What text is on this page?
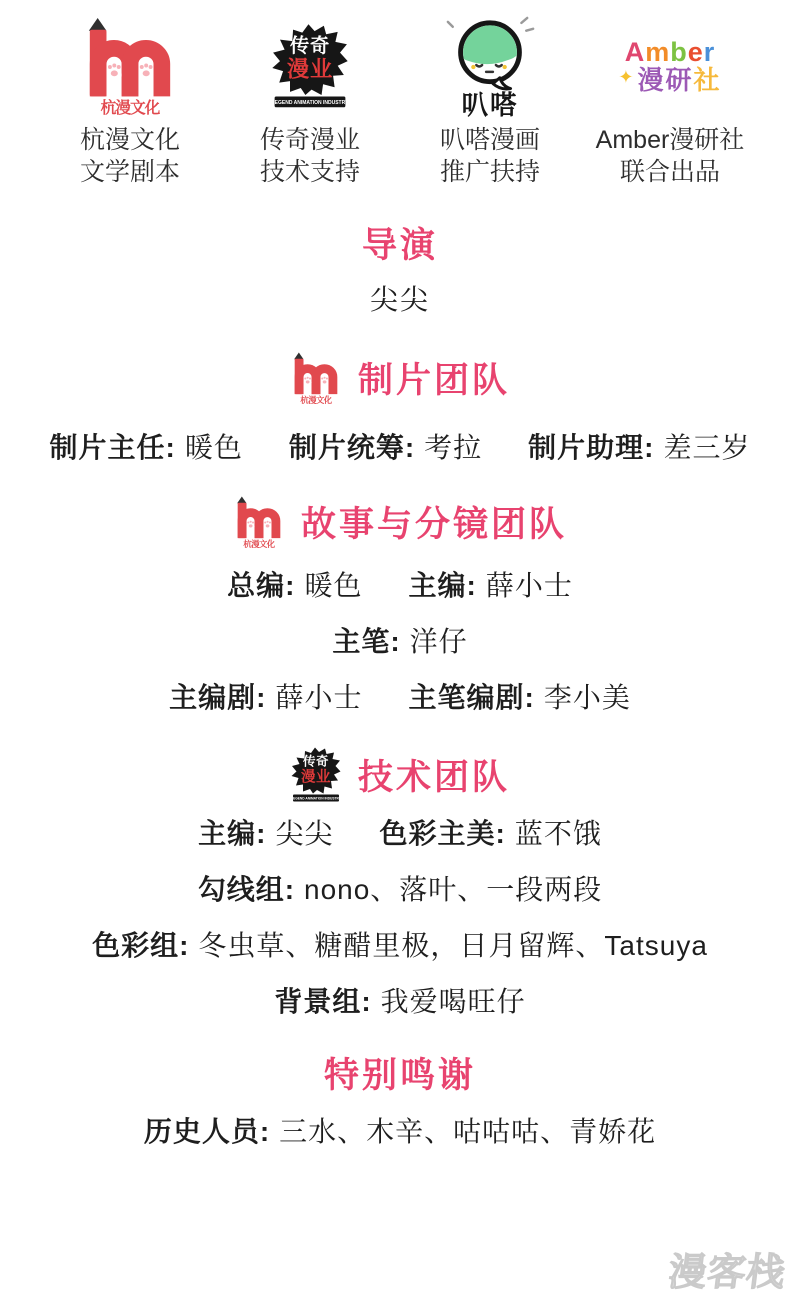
杭漫文化
文学剧本
传奇漫业
技术支持
叭嗒漫画
推广扶持
Amber
✦漫研社
Amber漫研社
联合出品
导演
尖尖
制片团队
制片主任: 暖色 制片统筹: 考拉 制片助理: 差三岁
故事与分镜团队
总编: 暖色 主编: 薛小士
主笔: 洋仔
主编剧: 薛小士 主笔编剧: 李小美
技术团队
主编: 尖尖 色彩主美: 蓝不饿
勾线组: nono、落叶、一段两段
色彩组: 冬虫草、糖醋里极，日月留辉、Tatsuya
背景组: 我爱喝旺仔
特别鸣谢
历史人员: 三水、木辛、咕咕咕、青娇花
漫客栈
